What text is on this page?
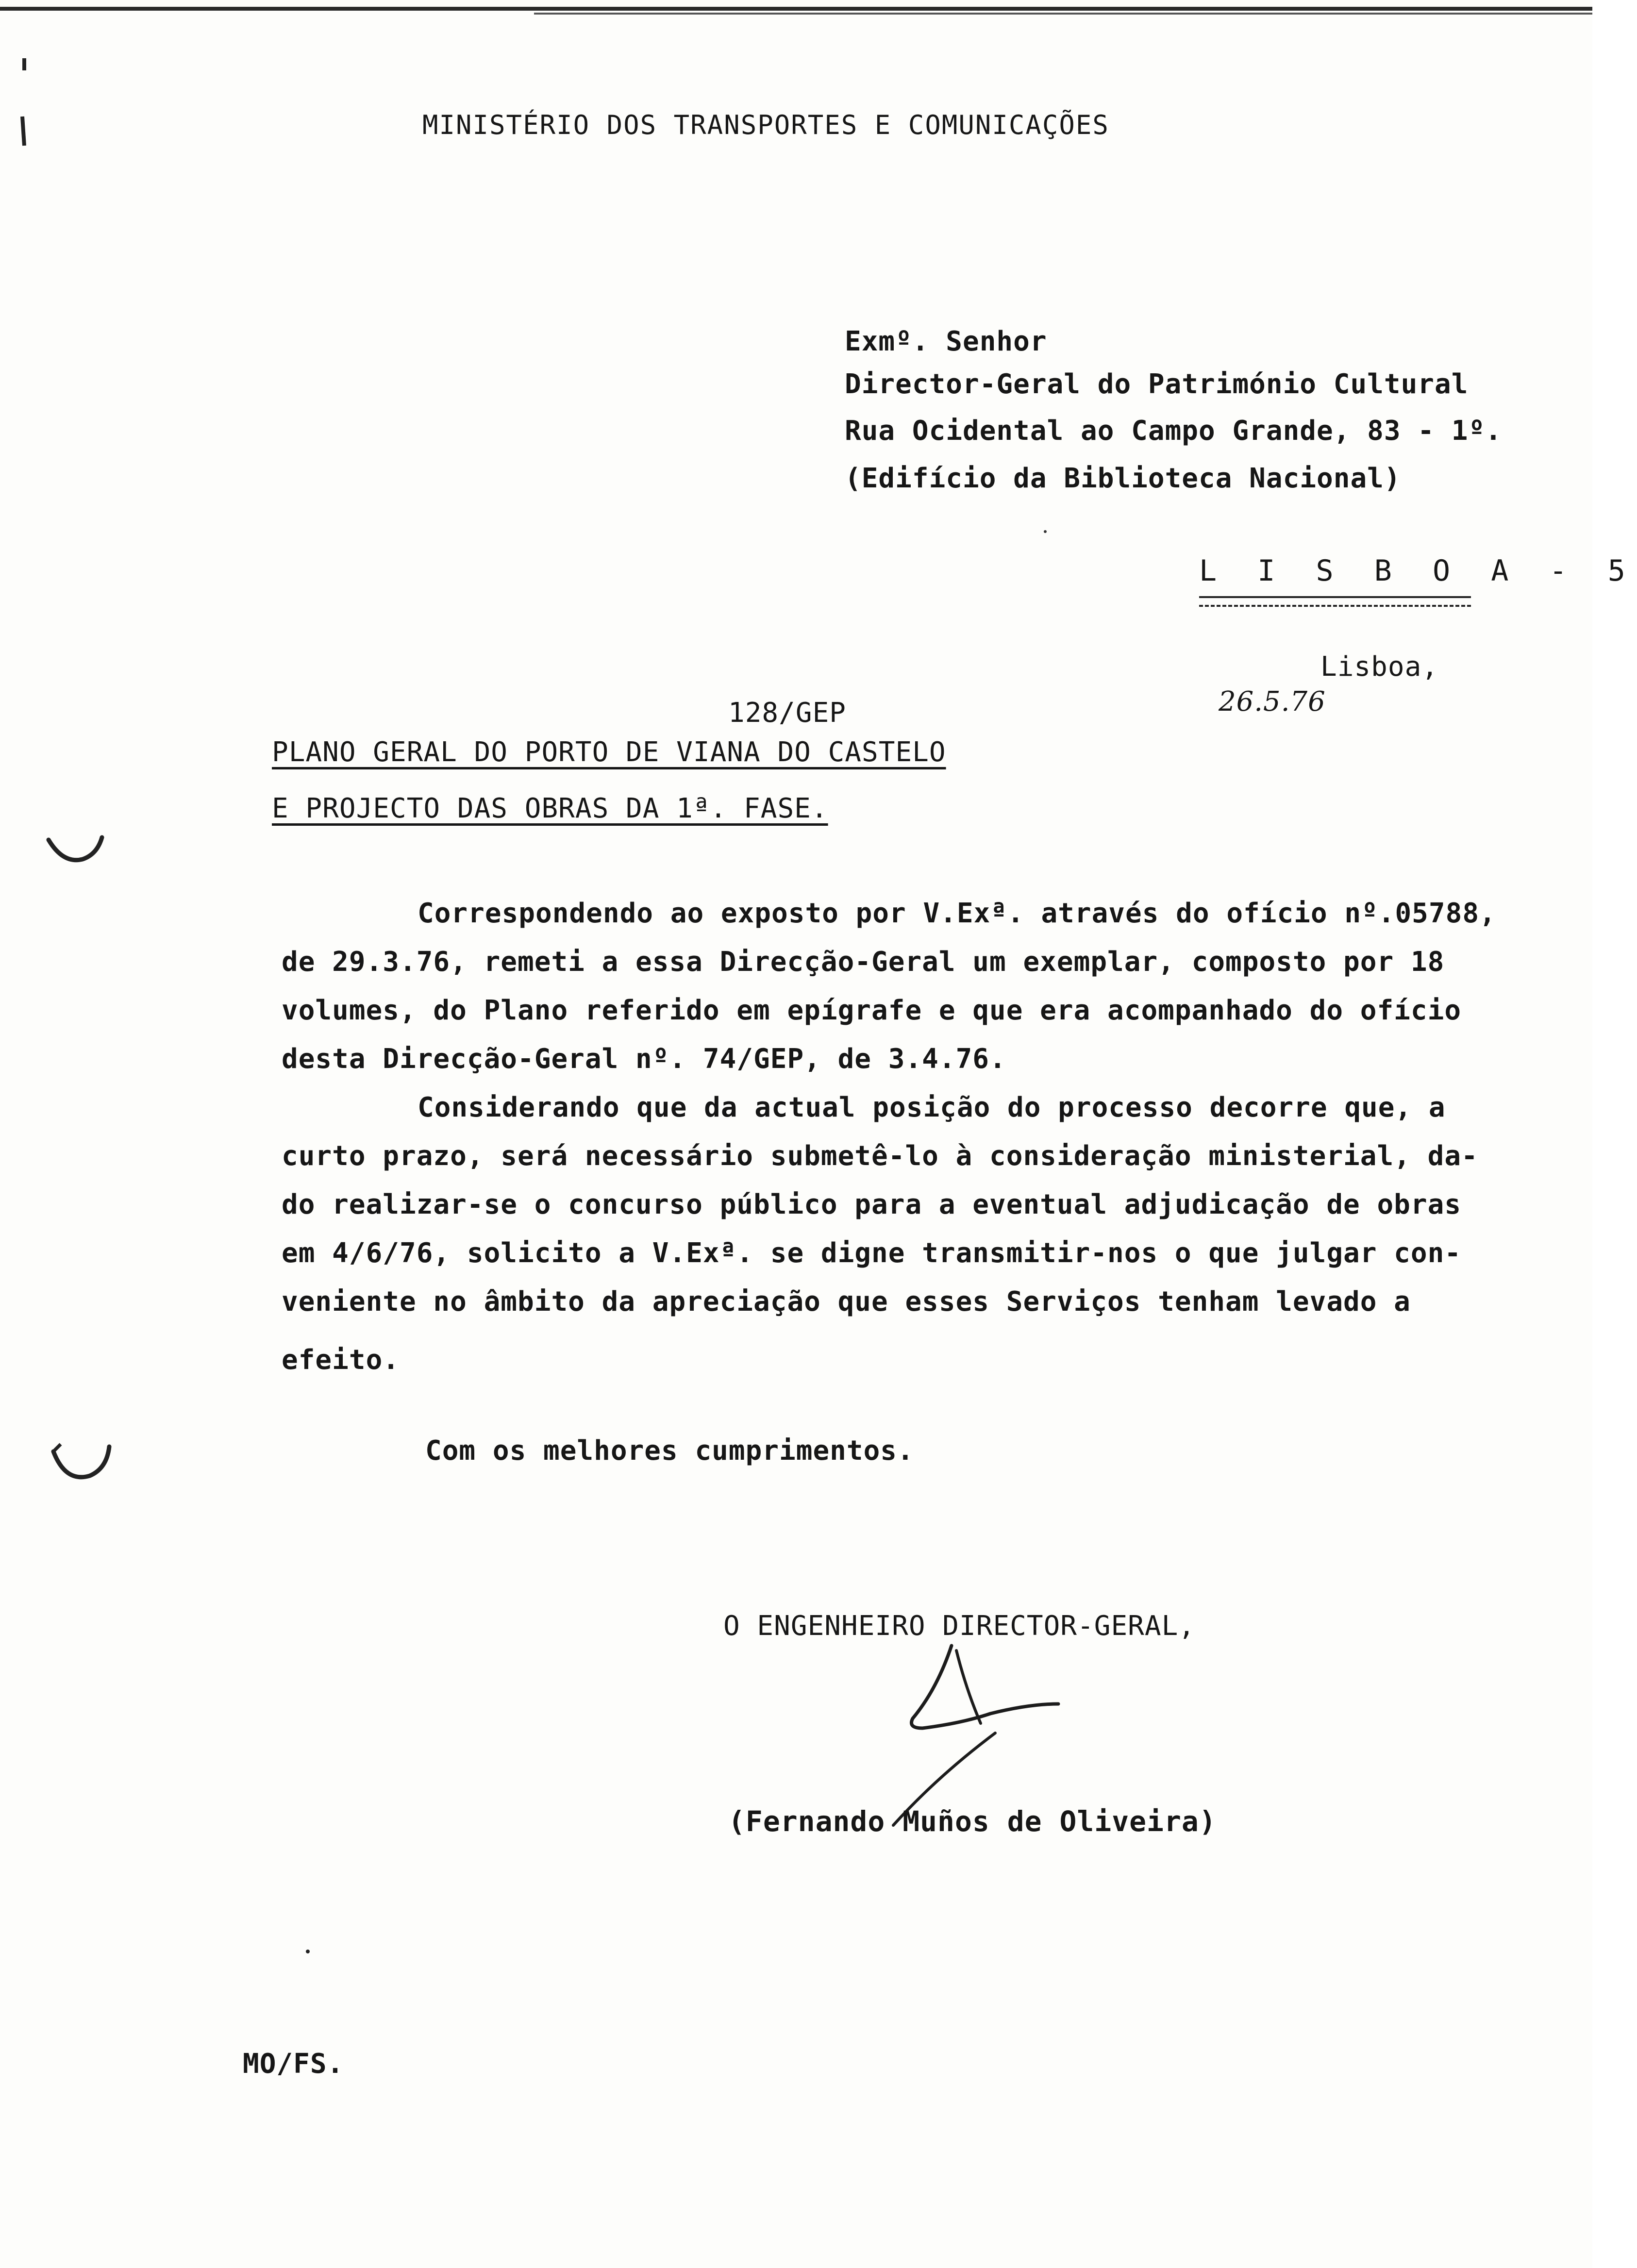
MINISTÉRIO DOS TRANSPORTES E COMUNICAÇÕES
Exmº. Senhor
Director-Geral do Património Cultural
Rua Ocidental ao Campo Grande, 83 - 1º.
(Edifício da Biblioteca Nacional)
L I S B O A - 5
Lisboa,
128/GEP	26.5.76
PLANO GERAL DO PORTO DE VIANA DO CASTELO
E PROJECTO DAS OBRAS DA 1ª. FASE.
Correspondendo ao exposto por V.Exª. através do ofício nº.05788,
de 29.3.76, remeti a essa Direcção-Geral um exemplar, composto por 18
volumes, do Plano referido em epígrafe e que era acompanhado do ofício
desta Direcção-Geral nº. 74/GEP, de 3.4.76.
Considerando que da actual posição do processo decorre que, a
curto prazo, será necessário submetê-lo à consideração ministerial, da-
do realizar-se o concurso público para a eventual adjudicação de obras
em 4/6/76, solicito a V.Exª. se digne transmitir-nos o que julgar con-
veniente no âmbito da apreciação que esses Serviços tenham levado a
efeito.
Com os melhores cumprimentos.
O ENGENHEIRO DIRECTOR-GERAL,
(Fernando Muños de Oliveira)
MO/FS.
